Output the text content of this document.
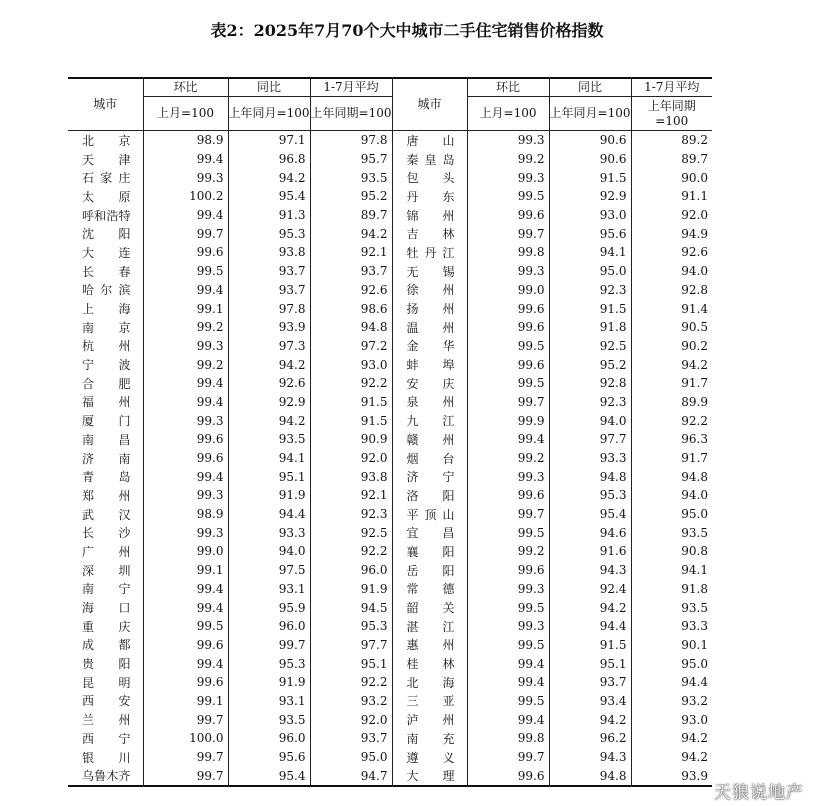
表2：2025年7月70个大中城市二手住宅销售价格指数
城市	环比	同比	1-7月平均	城市	环比	同比	1-7月平均
	上月=100	上年同月=100	上年同期=100		上月=100	上年同月=100	上年同期=100
北京	98.9	97.1	97.8	唐山	99.3	90.6	89.2
天津	99.4	96.8	95.7	秦皇岛	99.2	90.6	89.7
石家庄	99.3	94.2	93.5	包头	99.3	91.5	90.0
太原	100.2	95.4	95.2	丹东	99.5	92.9	91.1
呼和浩特	99.4	91.3	89.7	锦州	99.6	93.0	92.0
沈阳	99.7	95.3	94.2	吉林	99.7	95.6	94.9
大连	99.6	93.8	92.1	牡丹江	99.8	94.1	92.6
长春	99.5	93.7	93.7	无锡	99.3	95.0	94.0
哈尔滨	99.4	93.7	92.6	徐州	99.0	92.3	92.8
上海	99.1	97.8	98.6	扬州	99.6	91.5	91.4
南京	99.2	93.9	94.8	温州	99.6	91.8	90.5
杭州	99.3	97.3	97.2	金华	99.5	92.5	90.2
宁波	99.2	94.2	93.0	蚌埠	99.6	95.2	94.2
合肥	99.4	92.6	92.2	安庆	99.5	92.8	91.7
福州	99.4	92.9	91.5	泉州	99.7	92.3	89.9
厦门	99.3	94.2	91.5	九江	99.9	94.0	92.2
南昌	99.6	93.5	90.9	赣州	99.4	97.7	96.3
济南	99.6	94.1	92.0	烟台	99.2	93.3	91.7
青岛	99.4	95.1	93.8	济宁	99.3	94.8	94.8
郑州	99.3	91.9	92.1	洛阳	99.6	95.3	94.0
武汉	98.9	94.4	92.3	平顶山	99.7	95.4	95.0
长沙	99.3	93.3	92.5	宜昌	99.5	94.6	93.5
广州	99.0	94.0	92.2	襄阳	99.2	91.6	90.8
深圳	99.1	97.5	96.0	岳阳	99.6	94.3	94.1
南宁	99.4	93.1	91.9	常德	99.3	92.4	91.8
海口	99.4	95.9	94.5	韶关	99.5	94.2	93.5
重庆	99.5	96.0	95.3	湛江	99.3	94.4	93.3
成都	99.6	99.7	97.7	惠州	99.5	91.5	90.1
贵阳	99.4	95.3	95.1	桂林	99.4	95.1	95.0
昆明	99.6	91.9	92.2	北海	99.4	93.7	94.4
西安	99.1	93.1	93.2	三亚	99.5	93.4	93.2
兰州	99.7	93.5	92.0	泸州	99.4	94.2	93.0
西宁	100.0	96.0	93.7	南充	99.8	96.2	94.2
银川	99.7	95.6	95.0	遵义	99.7	94.3	94.2
乌鲁木齐	99.7	95.4	94.7	大理	99.6	94.8	93.9
天狼说地产
